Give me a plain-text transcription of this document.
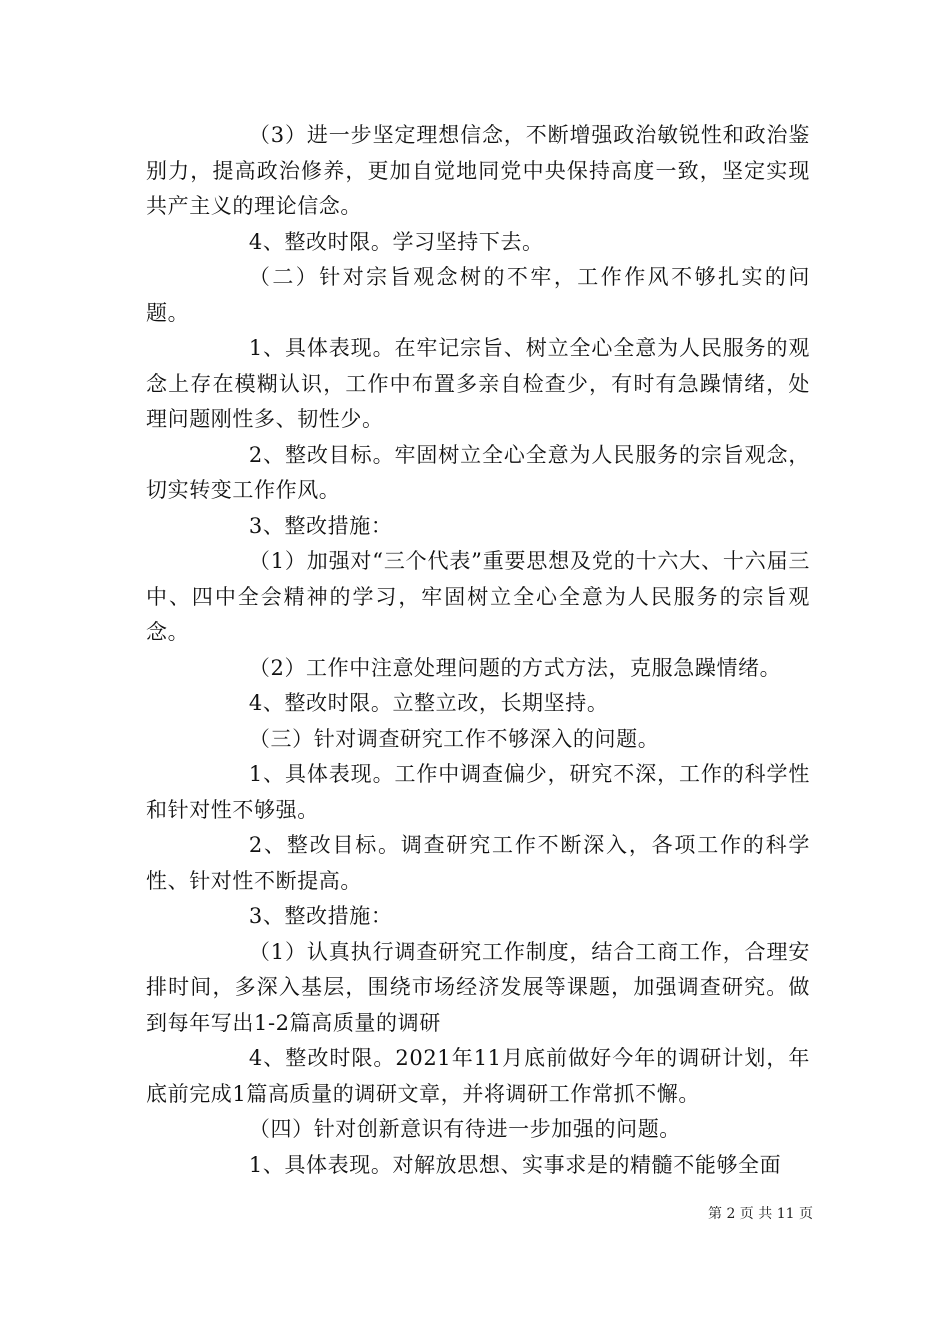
（3）进一步坚定理想信念，不断增强政治敏锐性和政治鉴别力，提高政治修养，更加自觉地同党中央保持高度一致，坚定实现共产主义的理论信念。

4、整改时限。学习坚持下去。

（二）针对宗旨观念树的不牢，工作作风不够扎实的问题。

1、具体表现。在牢记宗旨、树立全心全意为人民服务的观念上存在模糊认识，工作中布置多亲自检查少，有时有急躁情绪，处理问题刚性多、韧性少。

2、整改目标。牢固树立全心全意为人民服务的宗旨观念，切实转变工作作风。

3、整改措施：

（1）加强对“三个代表”重要思想及党的十六大、十六届三中、四中全会精神的学习，牢固树立全心全意为人民服务的宗旨观念。

（2）工作中注意处理问题的方式方法，克服急躁情绪。

4、整改时限。立整立改，长期坚持。

（三）针对调查研究工作不够深入的问题。

1、具体表现。工作中调查偏少，研究不深，工作的科学性和针对性不够强。

2、整改目标。调查研究工作不断深入，各项工作的科学性、针对性不断提高。

3、整改措施：

（1）认真执行调查研究工作制度，结合工商工作，合理安排时间，多深入基层，围绕市场经济发展等课题，加强调查研究。做到每年写出1-2篇高质量的调研

4、整改时限。2021年11月底前做好今年的调研计划，年底前完成1篇高质量的调研文章，并将调研工作常抓不懈。

（四）针对创新意识有待进一步加强的问题。

1、具体表现。对解放思想、实事求是的精髓不能够全面

第 2 页 共 11 页
